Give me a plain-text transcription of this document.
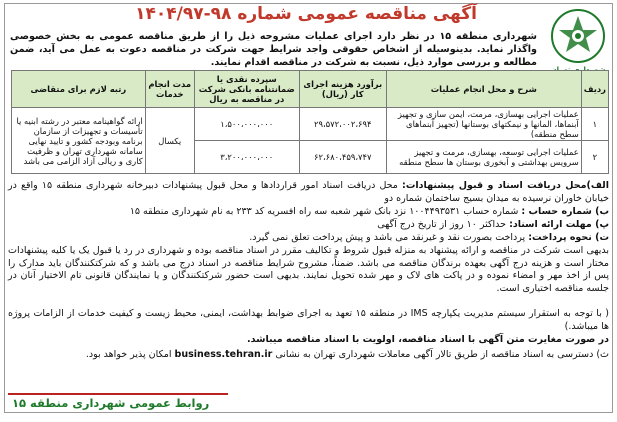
آگهی مناقصه عمومی شماره ۹۸-۱۴۰۴/۹۷
شهرداری منطقه ۱۵ در نظر دارد اجرای عملیات مشروحه ذیل را از طریق مناقصه عمومی به بخش خصوصی واگذار نماید. بدینوسیله از اشخاص حقوقی واجد شرایط جهت شرکت در مناقصه دعوت به عمل می آید، ضمن مطالعه و بررسی موارد ذیل، نسبت به شرکت در مناقصه اقدام نمایند.
ردیف	شرح و محل انجام عملیات	برآورد هزینه اجرای کار (ریال)	سپرده نقدی یا ضمانتنامه بانکی شرکت در مناقصه به ریال	مدت انجام خدمات	رتبه لازم برای متقاضی
۱	عملیات اجرایی بهسازی، مرمت، ایمن سازی و تجهیز آبنماها، المانها و نیمکتهای بوستانها (تجهیز آبنماهای سطح منطقه)	۲۹،۵۷۲،۰۰۲،۶۹۴	۱،۵۰۰،۰۰۰،۰۰۰	یکسال	ارائه گواهینامه معتبر در رشته ابنیه یا تأسیسات و تجهیزات از سازمان برنامه وبودجه کشور و تایید نهایی سامانه شهرداری تهران و ظرفیت کاری و ریالی آزاد الزامی می باشد
۲	عملیات اجرایی توسعه، بهسازی، مرمت و تجهیز سرویس بهداشتی و آبخوری بوستان ها سطح منطقه	۶۲،۶۸۰،۴۵۹،۷۴۷	۳،۲۰۰،۰۰۰،۰۰۰		
الف)محل دریافت اسناد و قبول پیشنهادات: محل دریافت اسناد امور قراردادها و محل قبول پیشنهادات دبیرخانه شهرداری منطقه ۱۵ واقع در خیابان خاوران نرسیده به میدان بسیج ساختمان شماره دو
ب) شماره حساب : شماره حساب ۱۰۰۴۴۹۳۵۳۱ نزد بانک شهر شعبه سه راه افسریه کد ۲۳۳ به نام شهرداری منطقه ۱۵
پ) مهلت ارائه اسناد: حداکثر ۱۰ روز از تاریخ درج آگهی
ت) نحوه پرداخت: پرداخت بصورت نقد و غیرنقد می باشد و پیش پرداخت تعلق نمی گیرد.
بدیهی است شرکت در مناقصه و ارائه پیشنهاد به منزله قبول شروط و تکالیف مقرر در اسناد مناقصه بوده و شهرداری در رد یا قبول یک یا کلیه پیشنهادات مختار است و هزینه درج آگهی بعهده برندگان مناقصه می باشد. ضمناً، مشروح شرایط مناقصه در اسناد درج می باشد و که شرکتکنندگان باید مدارک را پس از اخذ مهر و امضاء نموده و در پاکت های لاک و مهر شده تحویل نمایند. بدیهی است حضور شرکتکنندگان و یا نمایندگان قانونی تام الاختیار آنان در جلسه مناقصه اختیاری است.
( با توجه به استقرار سیستم مدیریت یکپارچه IMS در منطقه ۱۵ تعهد به اجرای ضوابط بهداشت، ایمنی، محیط زیست و کیفیت خدمات از الزامات پروژه ها میباشد.)
در صورت مغایرت متن آگهی با اسناد مناقصه، اولویت با اسناد مناقصه میباشد.
ث) دسترسی به اسناد مناقصه از طریق تالار آگهی معاملات شهرداری تهران به نشانی business.tehran.ir امکان پذیر خواهد بود.
روابط عمومی شهرداری منطقه ۱۵
